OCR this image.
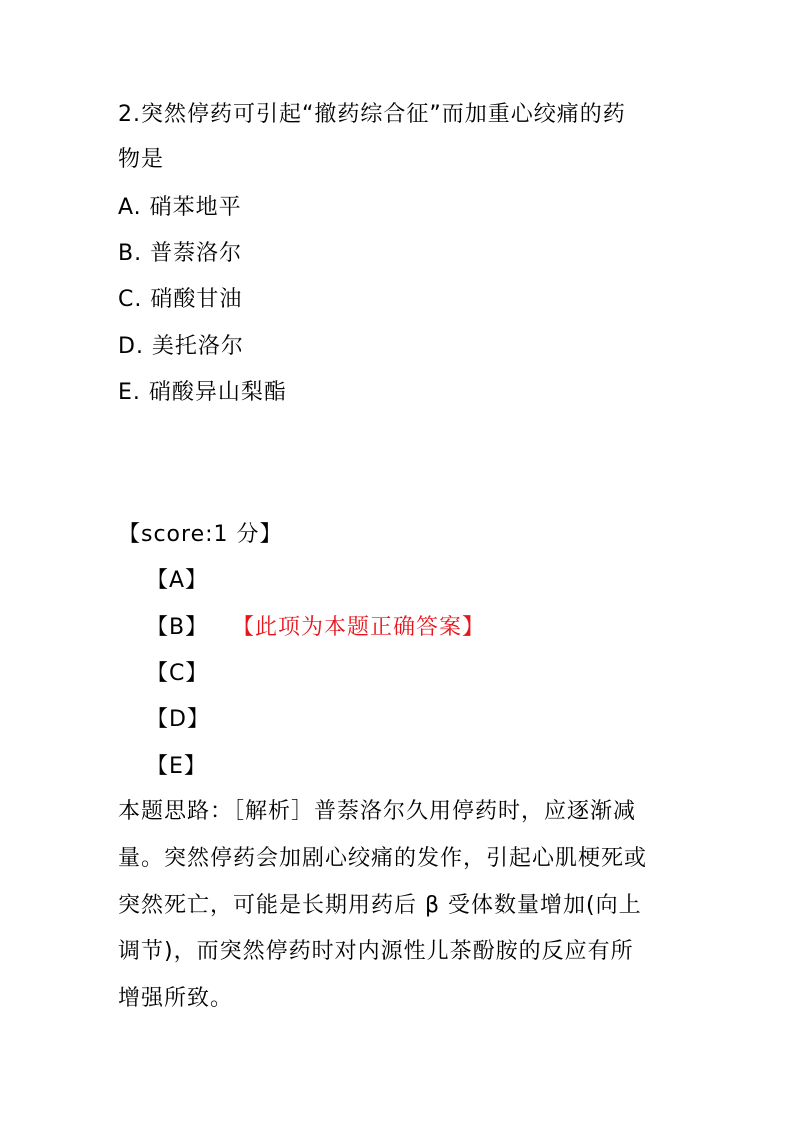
2.突然停药可引起“撤药综合征”而加重心绞痛的药
物是
A. 硝苯地平
B. 普萘洛尔
C. 硝酸甘油
D. 美托洛尔
E. 硝酸异山梨酯
【score:1 分】
【A】
【B】 【此项为本题正确答案】
【C】
【D】
【E】
本题思路：［解析］普萘洛尔久用停药时，应逐渐减
量。突然停药会加剧心绞痛的发作，引起心肌梗死或
突然死亡，可能是长期用药后 β 受体数量增加(向上
调节)，而突然停药时对内源性儿茶酚胺的反应有所
增强所致。
